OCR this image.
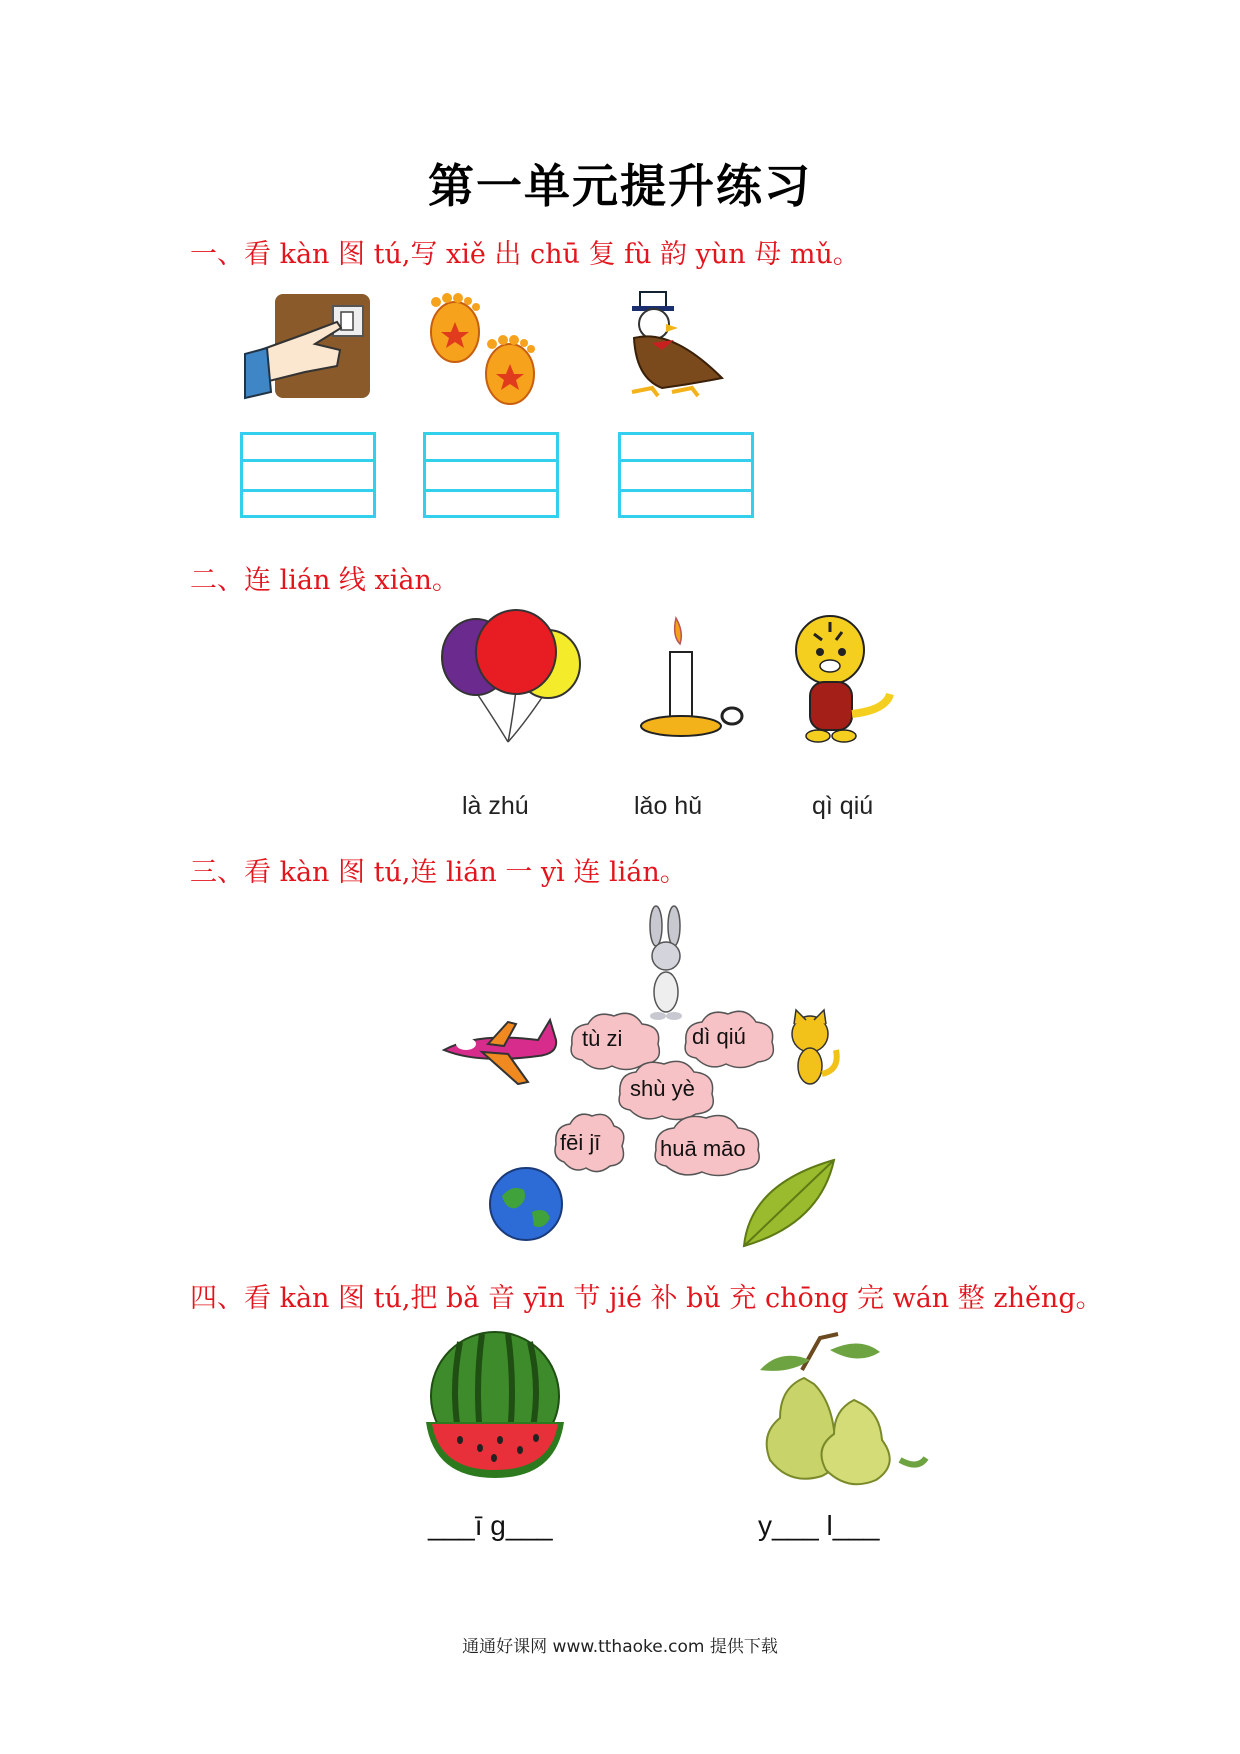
第一单元提升练习
一、看 kàn 图 tú,写 xiě 出 chū 复 fù 韵 yùn 母 mǔ。
二、连 lián 线 xiàn。
là zhú	lǎo hǔ	qì qiú
三、看 kàn 图 tú,连 lián 一 yì 连 lián。
tù zi	dì qiú
shù yè
fēi jī	huā māo
四、看 kàn 图 tú,把 bǎ 音 yīn 节 jié 补 bǔ 充 chōng 完 wán 整 zhěng。
___ī g___	y___ l___
通通好课网 www.tthaoke.com 提供下载
